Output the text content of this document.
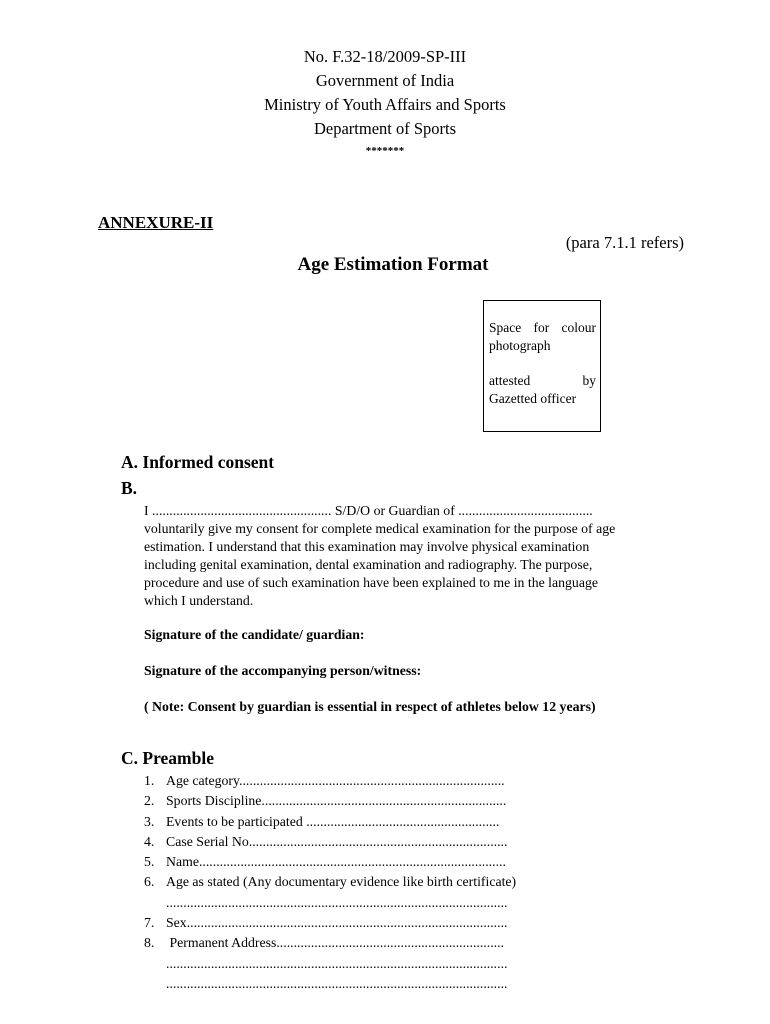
No. F.32-18/2009-SP-III
Government of India
Ministry of Youth Affairs and Sports
Department of Sports
*******
ANNEXURE-II
(para 7.1.1 refers)
Age Estimation Format
Space for colour
photograph
attested by
Gazetted officer
A. Informed consent
B.
I .................................................... S/D/O or Guardian of .......................................
voluntarily give my consent for complete medical examination for the purpose of age
estimation. I understand that this examination may involve physical examination
including genital examination, dental examination and radiography. The purpose,
procedure and use of such examination have been explained to me in the language
which I understand.
Signature of the candidate/ guardian:
Signature of the accompanying person/witness:
( Note: Consent by guardian is essential in respect of athletes below 12 years)
C. Preamble
1. Age category.............................................................................
2. Sports Discipline.......................................................................
3. Events to be participated ........................................................
4. Case Serial No...........................................................................
5. Name.........................................................................................
6. Age as stated (Any documentary evidence like birth certificate)
...................................................................................................
7. Sex.............................................................................................
8. Permanent Address..................................................................
...................................................................................................
...................................................................................................
